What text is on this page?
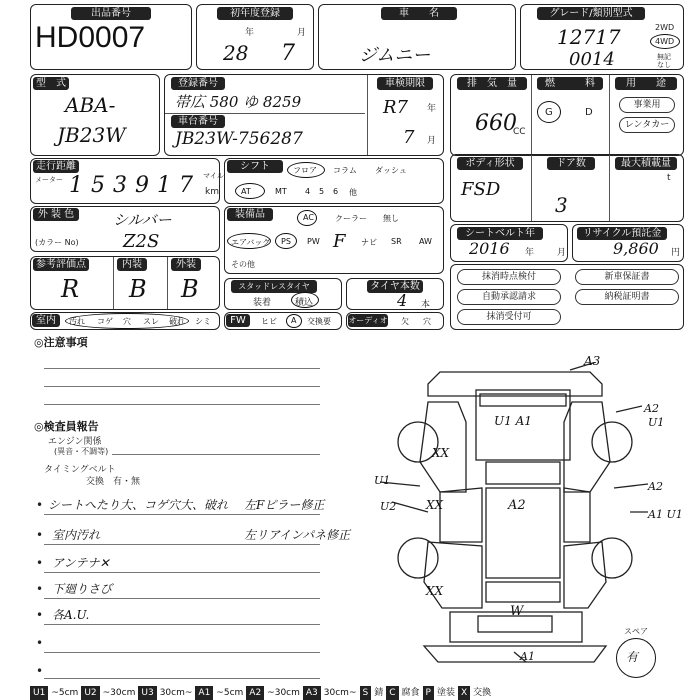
出品番号
HD0007
初年度登録
年	月
28 7
車　　名
ジムニー
グレード/類別型式
12717
0014
2WD
4WD
無記
なし
型　式
ABA-
JB23W
登録番号
帯広 580 ゆ 8259
車台番号
JB23W-756287
車検期限
R7 年
7 月
排　気　量
660
CC
燃　　　料
G	D
用　　途
事業用
レンタカー
走行距離
メーター 153917 マイル
km
シフト	フロア コラム ダッシュ
AT	MT 4 5 6 他
ボディ形状
FSD
ドア数
3
最大積載量
t
外 装 色	シルバー
(カラー No) Z2S
装備品	AC	クーラー 無し
エアバッグ PS PW F ナビ SR AW
その他
シートベルト年
2016 年	月
リサイクル預託金
9,860 円
参考評価点	内装	外装
R B B	スタッドレスタイヤ
装着	積込
タイヤ本数
4 本
抹消時点検付	新車保証書
自動承認請求	納税証明書
抹消受付可
室内	汚れ コゲ 穴 スレ 破れ シミ	FW	ヒビ A 交換要 オーディオ 欠 穴
◎注意事項
◎検査員報告
エンジン関係
(異音・不調等)
タイミングベルト
交換　有・無
• シートへたり大、コゲ穴大、破れ 左Fピラー修正
• 室内汚れ	左リアインパネ修正
• アンテナ✕
• 下廻りさび
• 各A.U.
•
•
A3
A2
U1
U1 A1
U1
U2
XX
XX	A2
A2
A1 U1
XX
W
A1
スペア
有
U1 ~5cm U2 ~30cm U3 30cm~ A1 ~5cm A2 ~30cm A3 30cm~ S 錆 C 腐食 P 塗装 X 交換
